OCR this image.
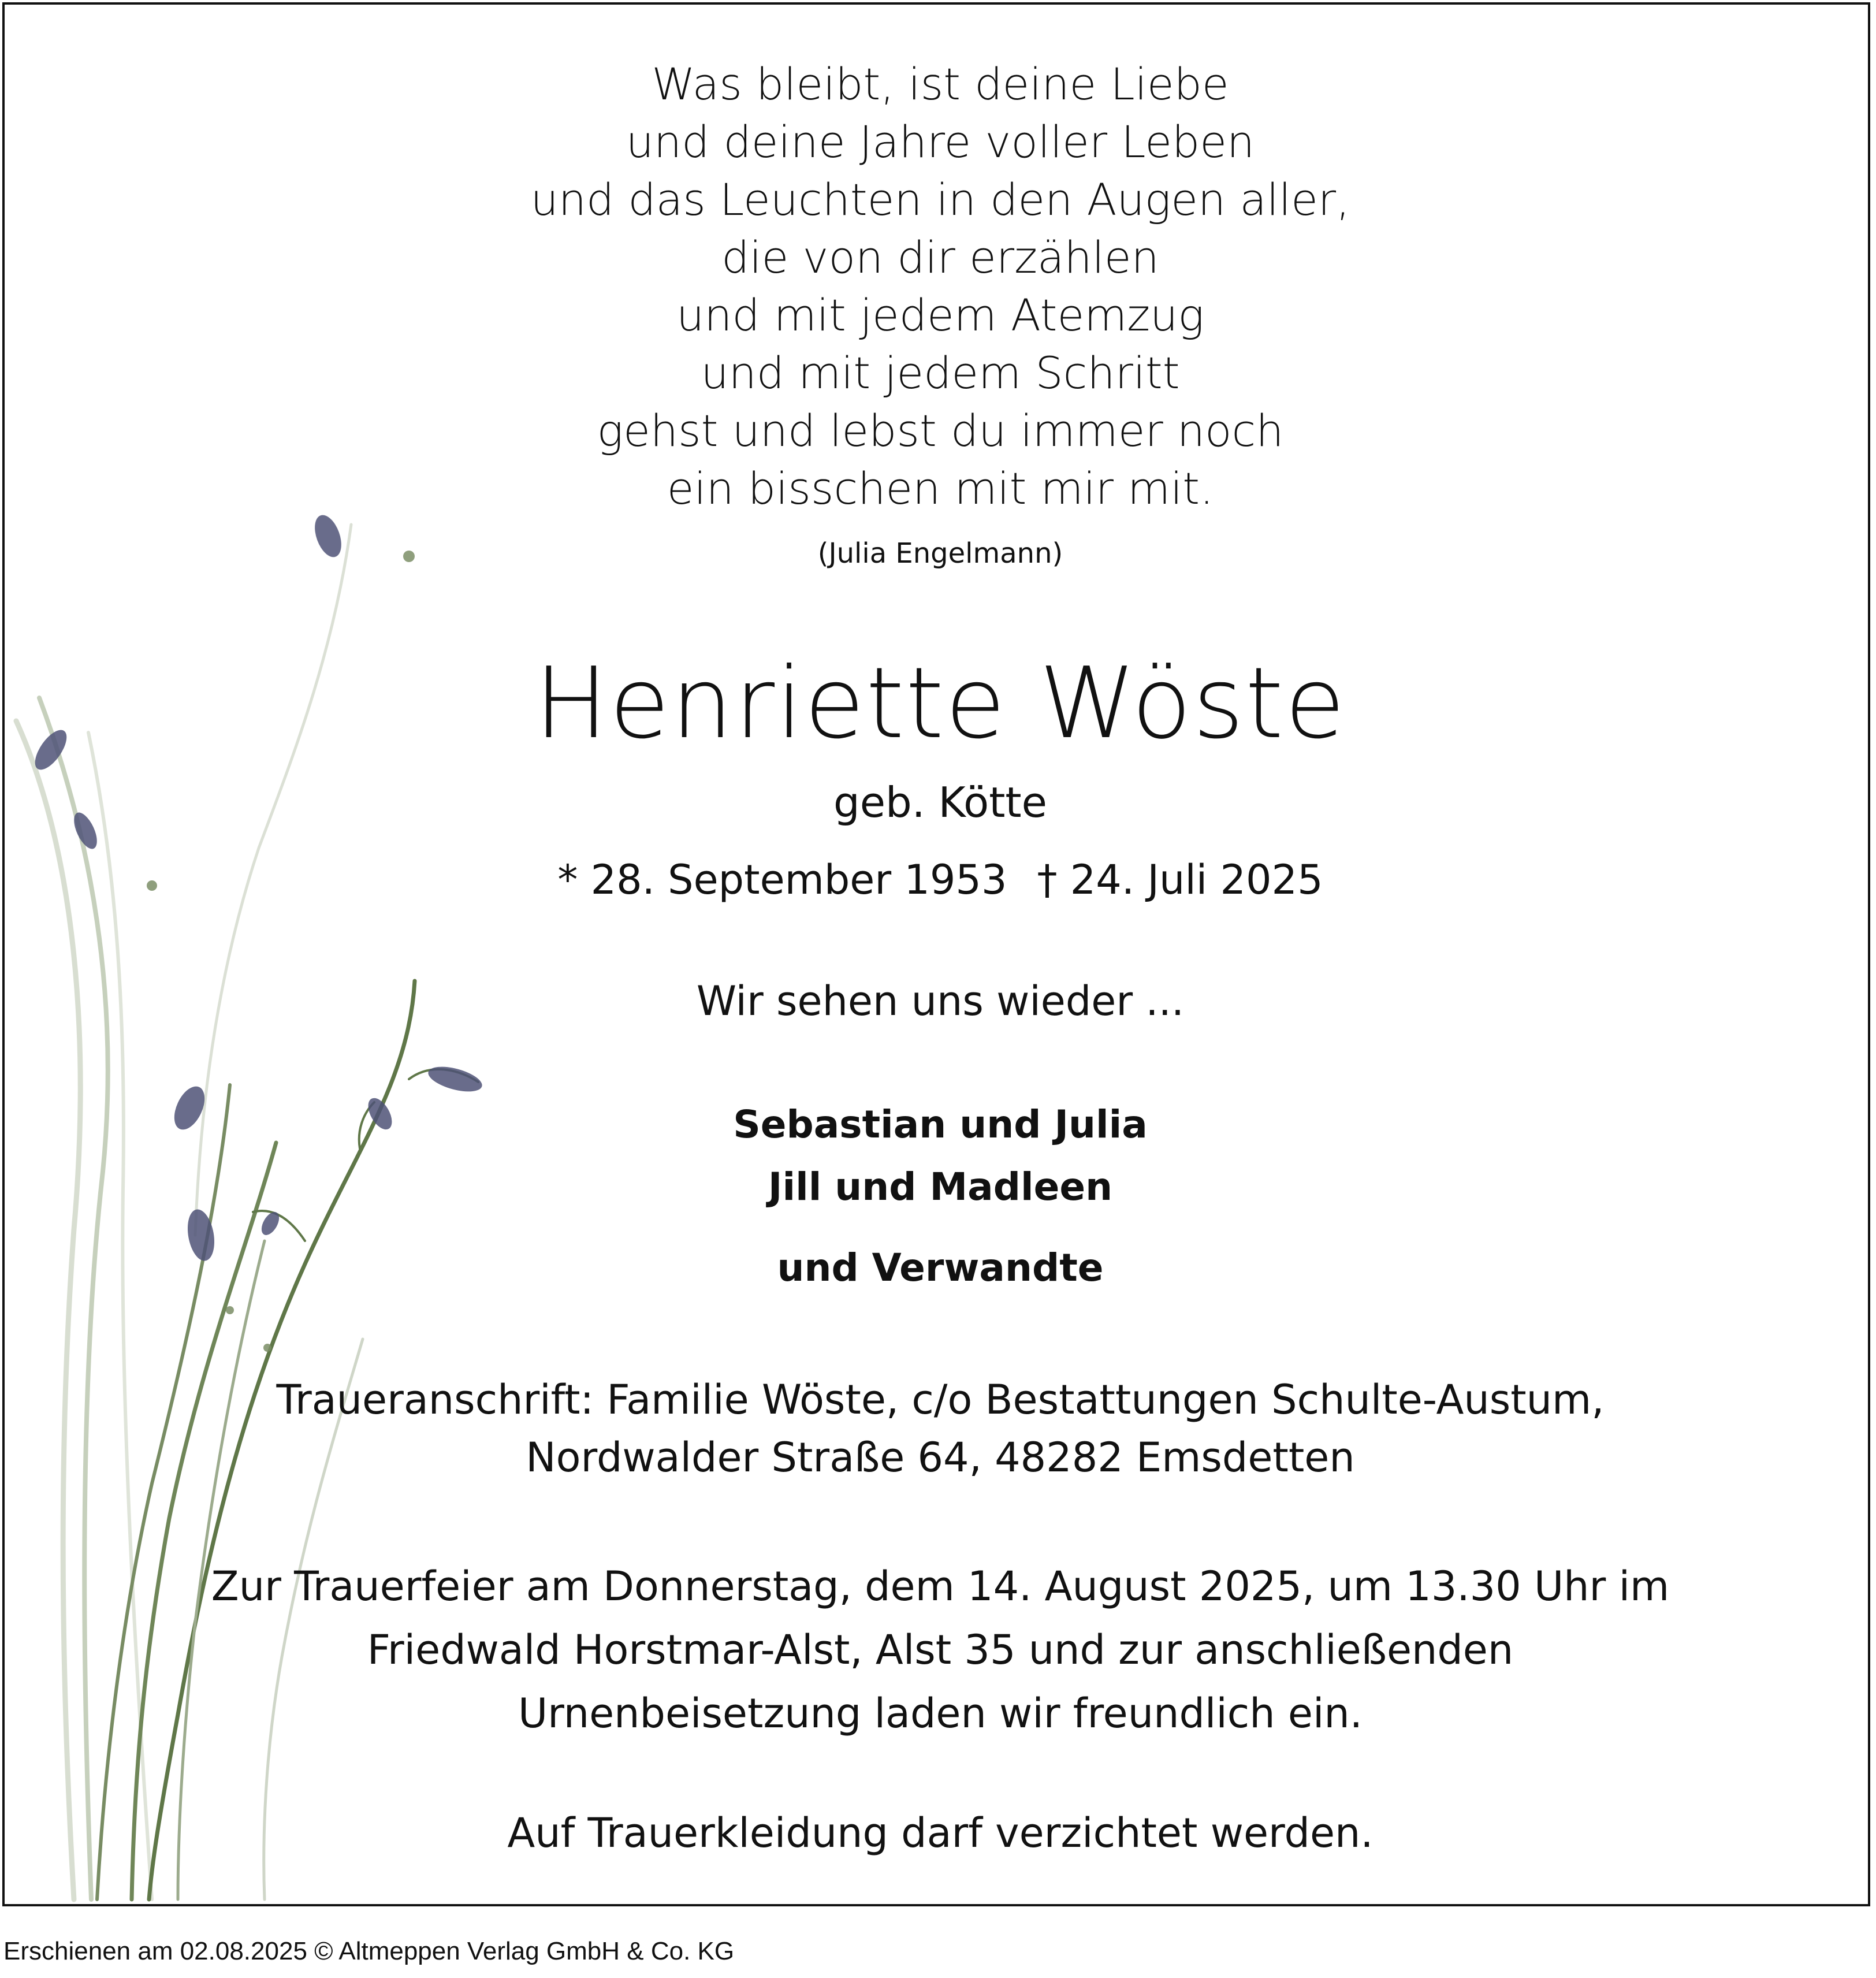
Was bleibt, ist deine Liebe
und deine Jahre voller Leben
und das Leuchten in den Augen aller,
die von dir erzählen
und mit jedem Atemzug
und mit jedem Schritt
gehst und lebst du immer noch
ein bisschen mit mir mit.
(Julia Engelmann)
Henriette Wöste
geb. Kötte
* 28. September 1953 † 24. Juli 2025
Wir sehen uns wieder ...
Sebastian und Julia
Jill und Madleen
und Verwandte
Traueranschrift: Familie Wöste, c/o Bestattungen Schulte-Austum,
Nordwalder Straße 64, 48282 Emsdetten
Zur Trauerfeier am Donnerstag, dem 14. August 2025, um 13.30 Uhr im
Friedwald Horstmar-Alst, Alst 35 und zur anschließenden
Urnenbeisetzung laden wir freundlich ein.
Auf Trauerkleidung darf verzichtet werden.
Erschienen am 02.08.2025 © Altmeppen Verlag GmbH & Co. KG
